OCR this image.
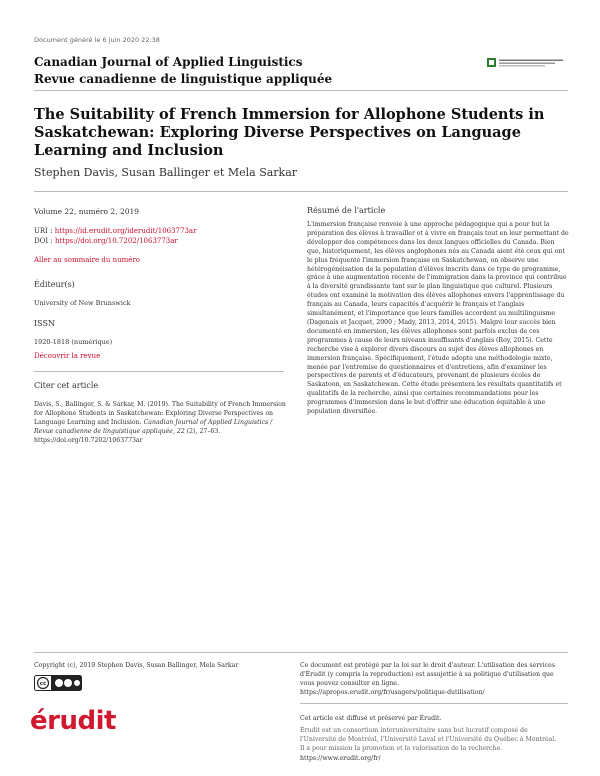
Document généré le 6 juin 2020 22:38
Canadian Journal of Applied Linguistics
Revue canadienne de linguistique appliquée
The Suitability of French Immersion for Allophone Students in Saskatchewan: Exploring Diverse Perspectives on Language Learning and Inclusion
Stephen Davis, Susan Ballinger et Mela Sarkar
Volume 22, numéro 2, 2019
URI : https://id.erudit.org/iderudit/1063773ar
DOI : https://doi.org/10.7202/1063773ar
Aller au sommaire du numéro
Éditeur(s)
University of New Brunswick
ISSN
1920-1818 (numérique)
Découvrir la revue
Citer cet article
Davis, S., Ballinger, S. & Sarkar, M. (2019). The Suitability of French Immersion for Allophone Students in Saskatchewan: Exploring Diverse Perspectives on Language Learning and Inclusion. Canadian Journal of Applied Linguistics / Revue canadienne de linguistique appliquée, 22 (2), 27–63. https://doi.org/10.7202/1063773ar
Résumé de l'article
L'immersion française renvoie à une approche pédagogique qui a pour but la préparation des élèves à travailler et à vivre en français tout en leur permettant de développer des compétences dans les deux langues officielles du Canada. Bien que, historiquement, les élèves anglophones nés au Canada aient été ceux qui ont le plus fréquenté l'immersion française en Saskatchewan, on observe une hétérogénéisation de la population d'élèves inscrits dans ce type de programme, grâce à une augmentation récente de l'immigration dans la province qui contribue à la diversité grandissante tant sur le plan linguistique que culturel. Plusieurs études ont examiné la motivation des élèves allophones envers l'apprentissage du français au Canada, leurs capacités d'acquérir le français et l'anglais simultanément, et l'importance que leurs familles accordent au multilinguisme (Dagenais et Jacquet, 2000 ; Mady, 2013, 2014, 2015). Malgré leur succès bien documenté en immersion, les élèves allophones sont parfois exclus de ces programmes à cause de leurs niveaux insuffisants d'anglais (Roy, 2015). Cette recherche vise à explorer divers discours au sujet des élèves allophones en immersion française. Spécifiquement, l'étude adopte une méthodologie mixte, menée par l'entremise de questionnaires et d'entretiens, afin d'examiner les perspectives de parents et d'éducateurs, provenant de plusieurs écoles de Saskatoon, en Saskatchewan. Cette étude présentera les résultats quantitatifs et qualitatifs de la recherche, ainsi que certaines recommandations pour les programmes d'immersion dans le but d'offrir une éducation équitable à une population diversifiée.
Copyright (c), 2019 Stephen Davis, Susan Ballinger, Mela Sarkar
cc
Ce document est protégé par la loi sur le droit d'auteur. L'utilisation des services d'Érudit (y compris la reproduction) est assujettie à sa politique d'utilisation que vous pouvez consulter en ligne.
https://apropos.erudit.org/fr/usagers/politique-dutilisation/
érudit	Cet article est diffusé et préservé par Érudit.
Érudit est un consortium interuniversitaire sans but lucratif composé de l'Université de Montréal, l'Université Laval et l'Université du Québec à Montréal. Il a pour mission la promotion et la valorisation de la recherche.
https://www.erudit.org/fr/
